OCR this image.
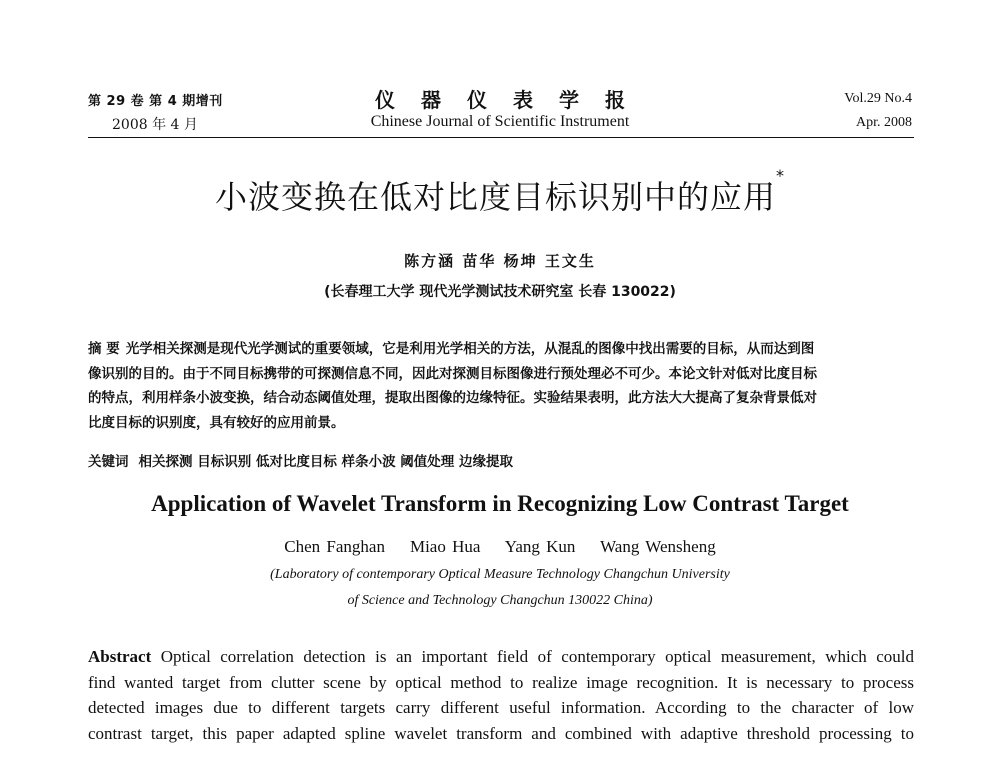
第 29 卷 第 4 期增刊
2008 年 4 月
仪器仪表学报
Chinese Journal of Scientific Instrument
Vol.29 No.4
Apr. 2008
小波变换在低对比度目标识别中的应用*
陈方涵 苗华 杨坤 王文生
(长春理工大学 现代光学测试技术研究室 长春 130022)
摘 要 光学相关探测是现代光学测试的重要领域，它是利用光学相关的方法，从混乱的图像中找出需要的目标，从而达到图
像识别的目的。由于不同目标携带的可探测信息不同，因此对探测目标图像进行预处理必不可少。本论文针对低对比度目标
的特点，利用样条小波变换，结合动态阈值处理，提取出图像的边缘特征。实验结果表明，此方法大大提高了复杂背景低对
比度目标的识别度，具有较好的应用前景。
关键词 相关探测 目标识别 低对比度目标 样条小波 阈值处理 边缘提取
Application of Wavelet Transform in Recognizing Low Contrast Target
Chen Fanghan    Miao Hua    Yang Kun    Wang Wensheng
(Laboratory of contemporary Optical Measure Technology Changchun University
of Science and Technology Changchun 130022 China)
Abstract Optical correlation detection is an important field of contemporary optical measurement, which could
find wanted target from clutter scene by optical method to realize image recognition. It is necessary to process
detected images due to different targets carry different useful information. According to the character of low
contrast target, this paper adapted spline wavelet transform and combined with adaptive threshold processing to
